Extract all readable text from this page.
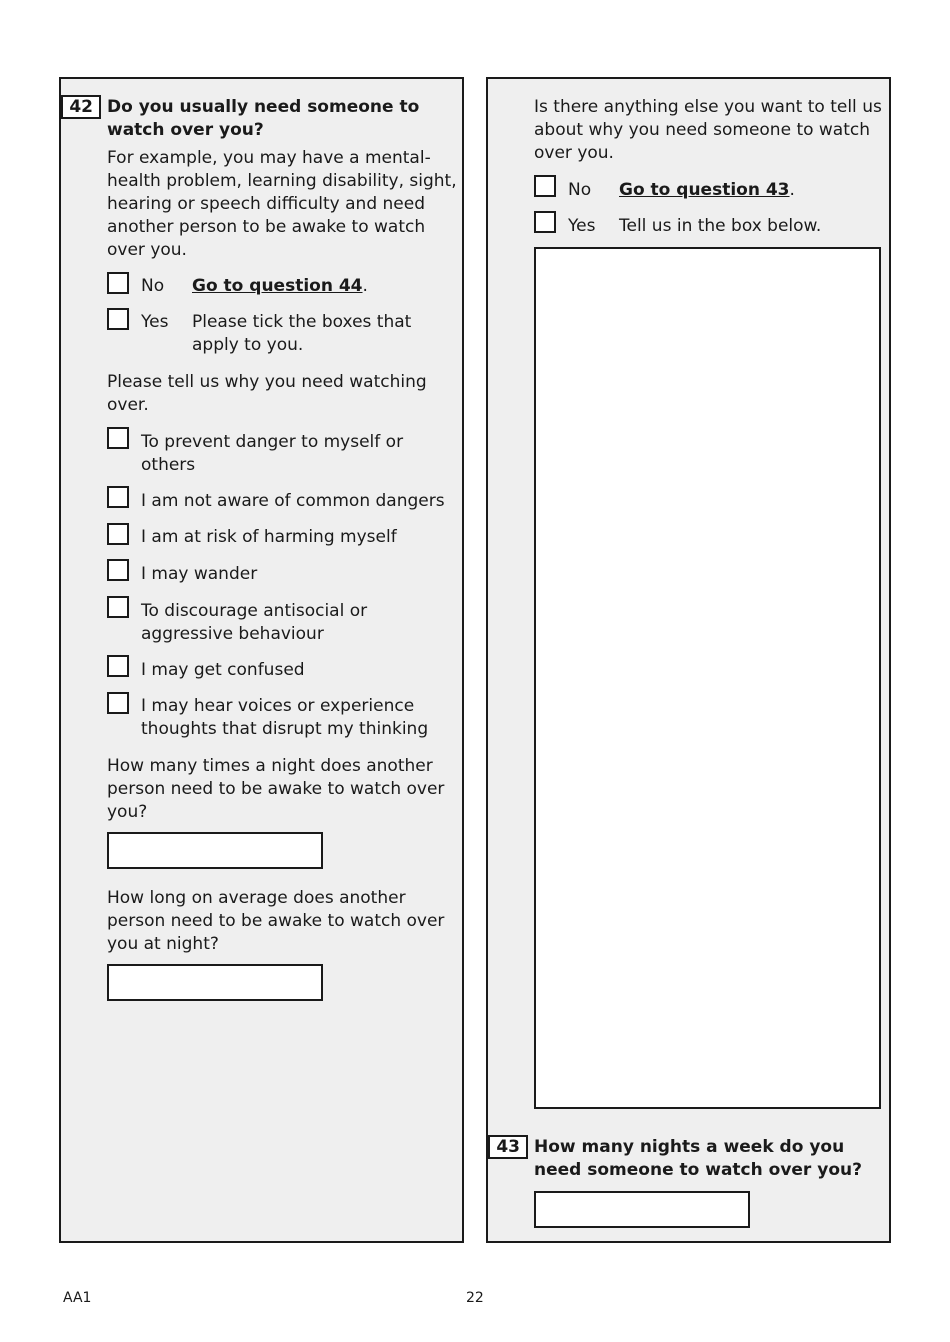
42 Do you usually need someone to watch over you?
For example, you may have a mental-health problem, learning disability, sight, hearing or speech difficulty and need another person to be awake to watch over you.
No Go to question 44.
Yes Please tick the boxes that apply to you.
Please tell us why you need watching over.
To prevent danger to myself or others
I am not aware of common dangers
I am at risk of harming myself
I may wander
To discourage antisocial or aggressive behaviour
I may get confused
I may hear voices or experience thoughts that disrupt my thinking
How many times a night does another person need to be awake to watch over you?
How long on average does another person need to be awake to watch over you at night?
Is there anything else you want to tell us about why you need someone to watch over you.
No Go to question 43.
Yes Tell us in the box below.
43 How many nights a week do you need someone to watch over you?
AA1	22
